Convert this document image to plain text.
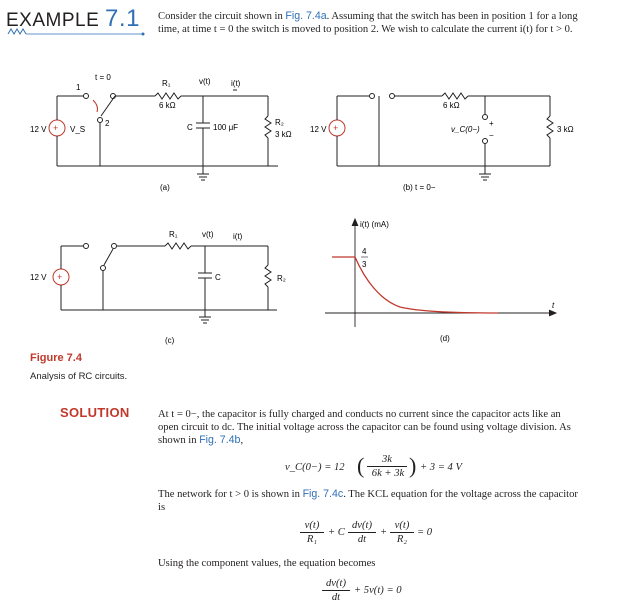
EXAMPLE 7.1 Consider the circuit shown in Fig. 7.4a. Assuming that the switch has been in position 1 for a long time, at time t = 0 the switch is moved to position 2. We wish to calculate the current i(t) for t > 0.
+
12 V	V_S
t = 0
1
2
R₁
6 kΩ
v(t)	i(t)
C	100 μF
R₂
3 kΩ
(a)
+
12 V
6 kΩ
3 kΩ
v_C(0−)
+
−
(b) t = 0−
+
12 V
R₁	v(t) i(t)
C	R₂
(c)
i(t) (mA)
t
4
3
(d)
Figure 7.4
Analysis of RC circuits.
SOLUTION	At t = 0−, the capacitor is fully charged and conducts no current since the capacitor acts like an open circuit to dc. The initial voltage across the capacitor can be found using voltage division. As shown in Fig. 7.4b,
v_C(0−) = 12 (	3k
6k + 3k ) + 3 = 4 V
The network for t > 0 is shown in Fig. 7.4c. The KCL equation for the voltage across the capacitor is
v(t)
R₁
+ C
dv(t)
dt
+
v(t)
R₂
= 0
Using the component values, the equation becomes
dv(t)
dt
+ 5v(t) = 0
